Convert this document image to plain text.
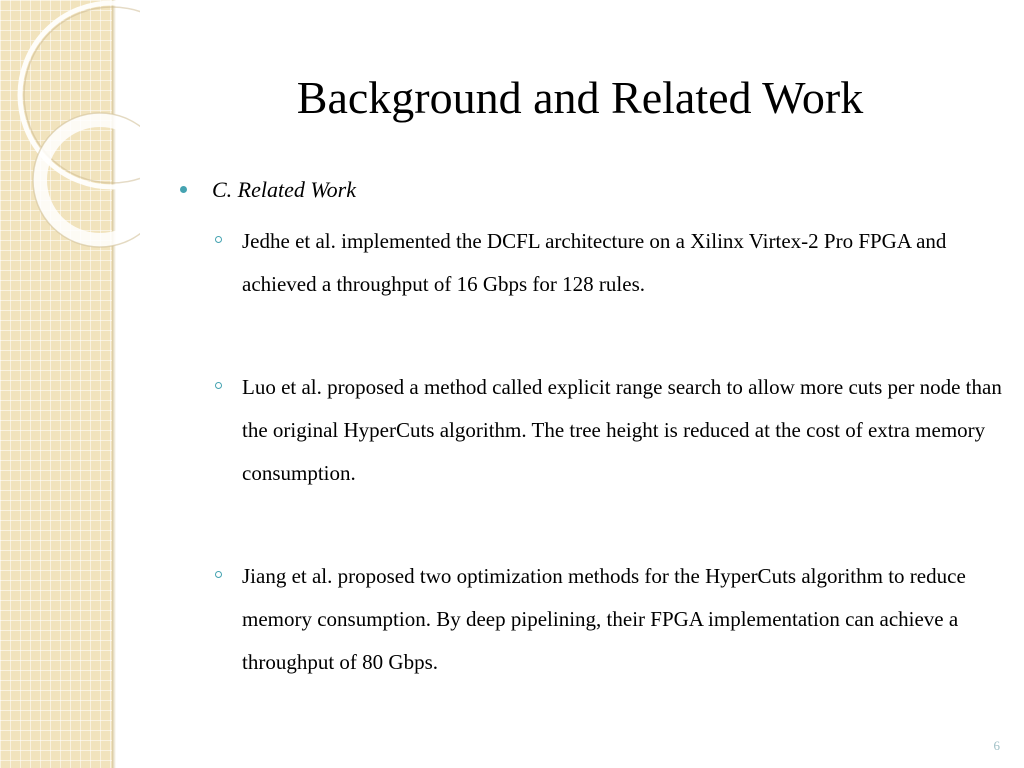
Background and Related Work
C. Related Work
Jedhe et al. implemented the DCFL architecture on a Xilinx Virtex-2 Pro FPGA and achieved a throughput of 16 Gbps for 128 rules.
Luo et al. proposed a method called explicit range search to allow more cuts per node than the original HyperCuts algorithm. The tree height is reduced at the cost of extra memory consumption.
Jiang et al. proposed two optimization methods for the HyperCuts algorithm to reduce memory consumption. By deep pipelining, their FPGA implementation can achieve a throughput of 80 Gbps.
6
